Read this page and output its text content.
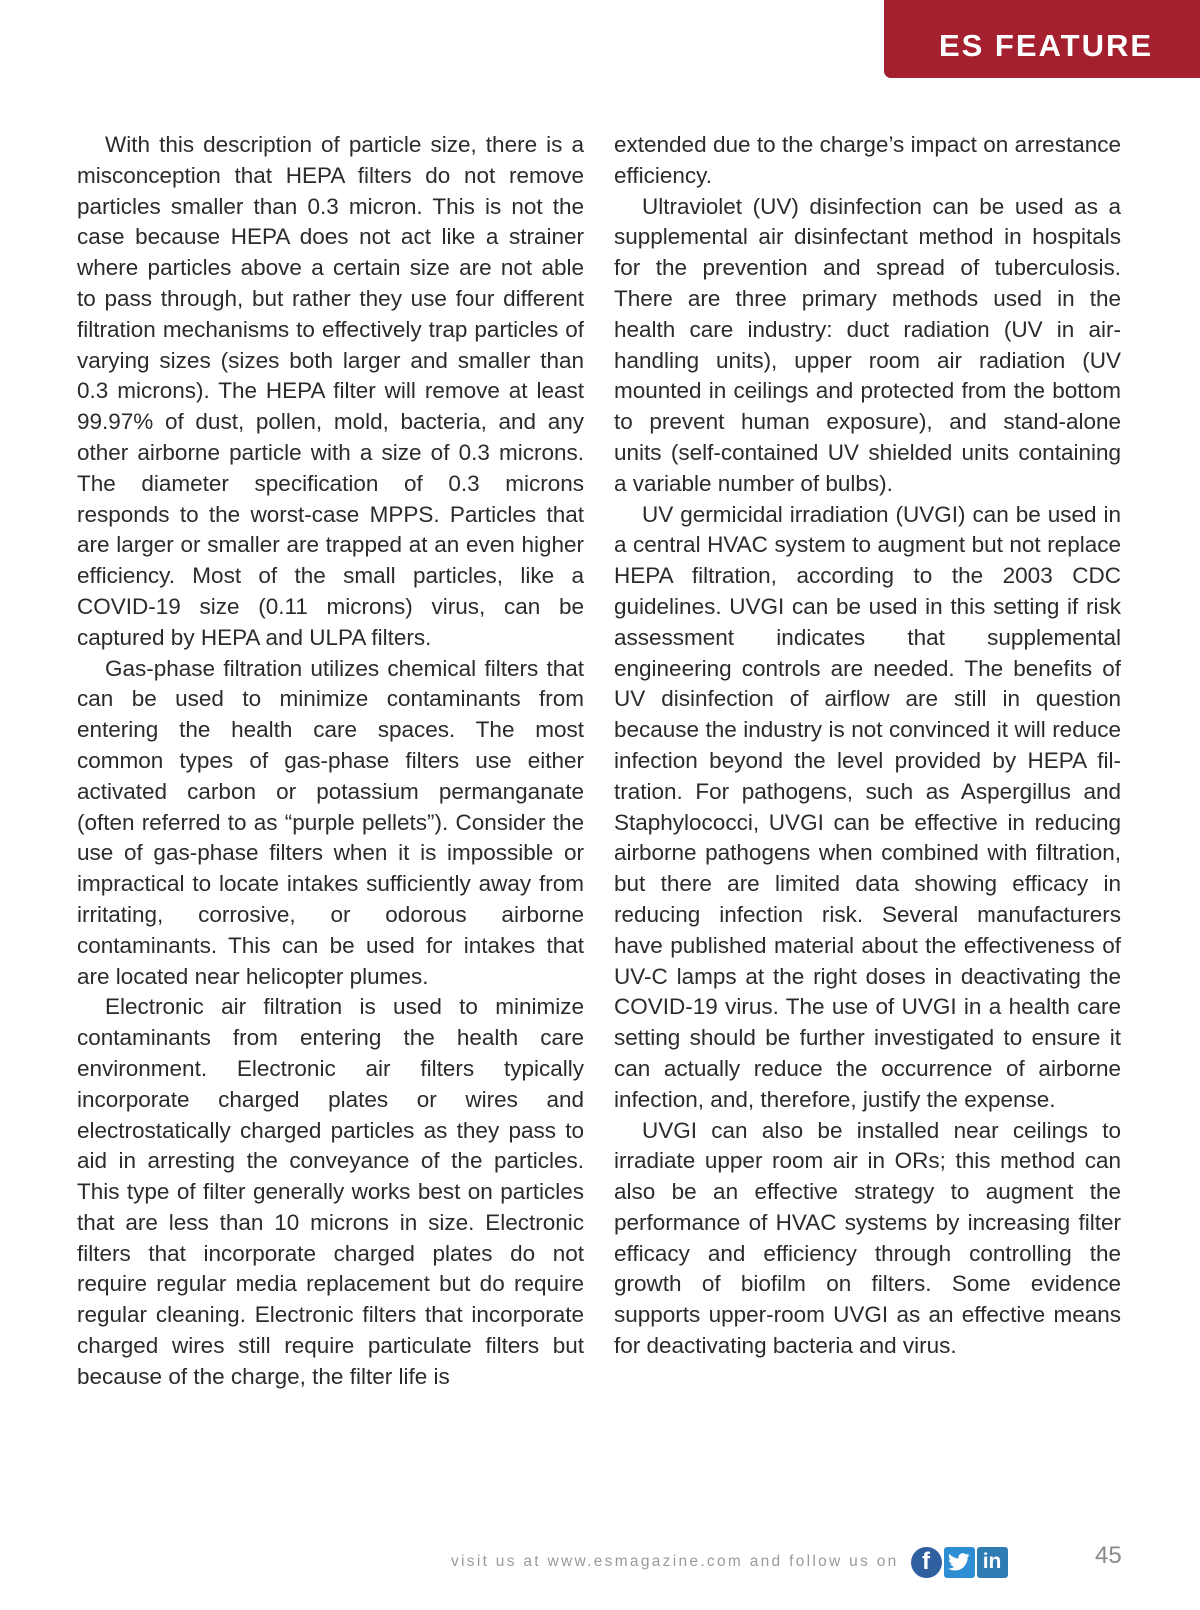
ES FEATURE

With this description of particle size, there is a misconception that HEPA filters do not remove particles smaller than 0.3 micron. This is not the case because HEPA does not act like a strainer where particles above a certain size are not able to pass through, but rather they use four different filtration mechanisms to effectively trap particles of varying sizes (sizes both larger and smaller than 0.3 microns). The HEPA filter will remove at least 99.97% of dust, pollen, mold, bacteria, and any other airborne particle with a size of 0.3 microns. The diameter specification of 0.3 microns responds to the worst-case MPPS. Particles that are larger or smaller are trapped at an even higher efficiency. Most of the small particles, like a COVID-19 size (0.11 microns) virus, can be captured by HEPA and ULPA filters.

Gas-phase filtration utilizes chemical filters that can be used to minimize contaminants from entering the health care spaces. The most common types of gas-phase filters use either activated carbon or potassium permanganate (often referred to as “purple pellets”). Consider the use of gas-phase filters when it is impossible or impractical to locate intakes sufficiently away from irritating, corrosive, or odorous airborne contaminants. This can be used for intakes that are located near helicopter plumes.

Electronic air filtration is used to minimize contaminants from entering the health care environment. Electronic air filters typically incorporate charged plates or wires and electrostatically charged particles as they pass to aid in arresting the conveyance of the particles. This type of filter generally works best on particles that are less than 10 microns in size. Electronic filters that incorporate charged plates do not require regular media replacement but do require regular cleaning. Electronic filters that incorporate charged wires still require particulate filters but because of the charge, the filter life is

extended due to the charge’s impact on arrestance efficiency.

Ultraviolet (UV) disinfection can be used as a supplemental air disinfectant method in hospitals for the prevention and spread of tuberculosis. There are three primary methods used in the health care industry: duct radiation (UV in air-handling units), upper room air radiation (UV mounted in ceilings and protected from the bottom to prevent human exposure), and stand-alone units (self-contained UV shielded units containing a variable number of bulbs).

UV germicidal irradiation (UVGI) can be used in a central HVAC system to augment but not replace HEPA filtration, according to the 2003 CDC guidelines. UVGI can be used in this setting if risk assessment indicates that supplemental engineering controls are needed. The benefits of UV disinfection of airflow are still in question because the industry is not convinced it will reduce infection beyond the level provided by HEPA filtration. For pathogens, such as Aspergillus and Staphylococci, UVGI can be effective in reducing airborne pathogens when combined with filtration, but there are limited data showing efficacy in reducing infection risk. Several manufacturers have published material about the effectiveness of UV-C lamps at the right doses in deactivating the COVID-19 virus. The use of UVGI in a health care setting should be further investigated to ensure it can actually reduce the occurrence of airborne infection, and, therefore, justify the expense.

UVGI can also be installed near ceilings to irradiate upper room air in ORs; this method can also be an effective strategy to augment the performance of HVAC systems by increasing filter efficacy and efficiency through controlling the growth of biofilm on filters. Some evidence supports upper-room UVGI as an effective means for deactivating bacteria and virus.

visit us at www.esmagazine.com and follow us on f	in	45
